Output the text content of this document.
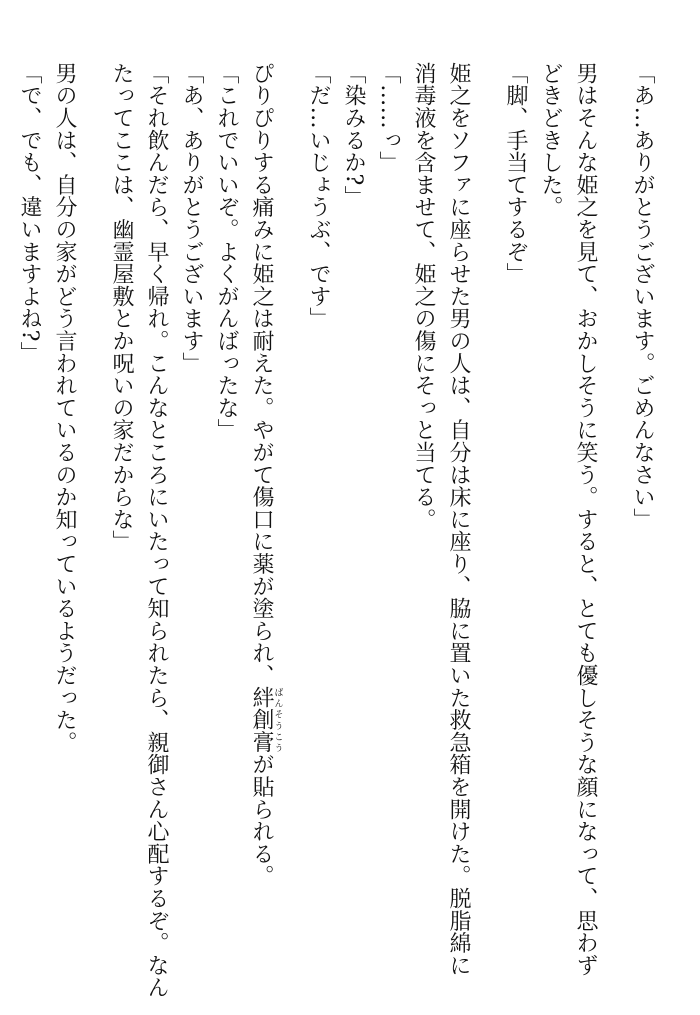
「あ…ありがとうございます。ごめんなさい」
男はそんな姫之を見て、おかしそうに笑う。すると、とても優しそうな顔になって、思わず
どきどきした。
「脚、手当てするぞ」
姫之をソファに座らせた男の人は、自分は床に座り、脇に置いた救急箱を開けた。脱脂綿に
消毒液を含ませて、姫之の傷にそっと当てる。
「……っ」
「染みるか?」
「だ…いじょうぶ、です」
ぴりぴりする痛みに姫之は耐えた。やがて傷口に薬が塗られ、絆創膏ばんそうこうが貼られる。
「これでいいぞ。よくがんばったな」
「あ、ありがとうございます」
「それ飲んだら、早く帰れ。こんなところにいたって知られたら、親御さん心配するぞ。なん
たってここは、幽霊屋敷とか呪いの家だからな」
男の人は、自分の家がどう言われているのか知っているようだった。
「で、でも、違いますよね?」
